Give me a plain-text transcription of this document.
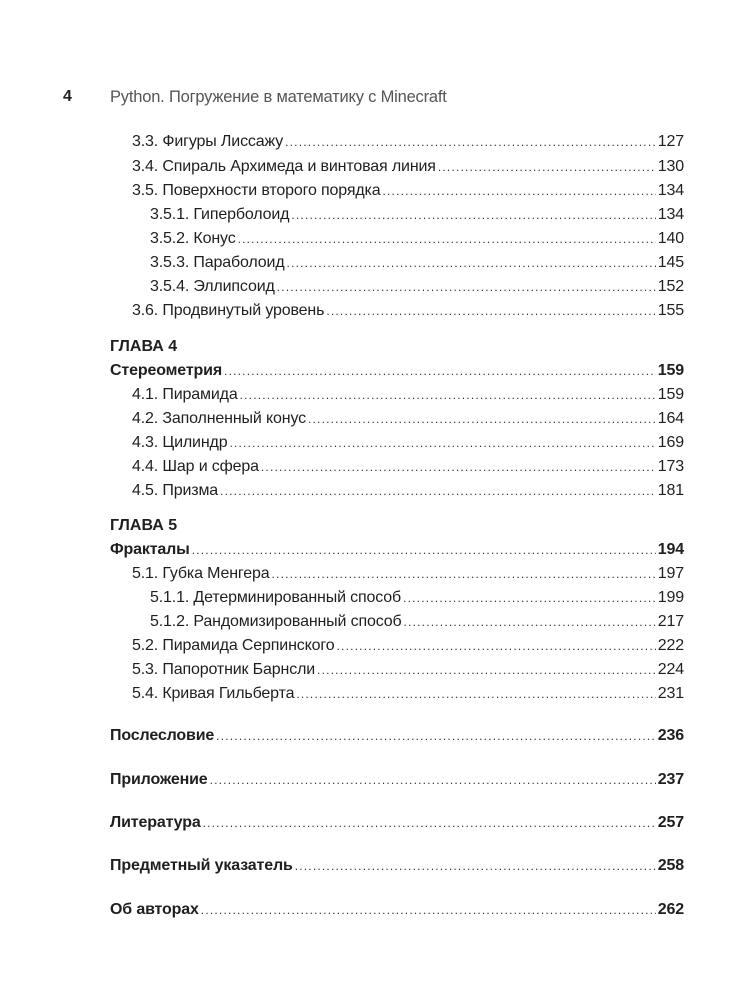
4 Python. Погружение в математику с Minecraft
3.3. Фигуры Лиссажу .....	127
3.4. Спираль Архимеда и винтовая линия .....	130
3.5. Поверхности второго порядка .....	134
3.5.1. Гиперболоид .....	134
3.5.2. Конус .....	140
3.5.3. Параболоид .....	145
3.5.4. Эллипсоид .....	152
3.6. Продвинутый уровень .....	155
ГЛАВА 4
Стереометрия .....	159
4.1. Пирамида .....	159
4.2. Заполненный конус .....	164
4.3. Цилиндр .....	169
4.4. Шар и сфера .....	173
4.5. Призма .....	181
ГЛАВА 5
Фракталы .....	194
5.1. Губка Менгера .....	197
5.1.1. Детерминированный способ .....	199
5.1.2. Рандомизированный способ .....	217
5.2. Пирамида Серпинского .....	222
5.3. Папоротник Барнсли .....	224
5.4. Кривая Гильберта .....	231
Послесловие .....	236
Приложение .....	237
Литература .....	257
Предметный указатель .....	258
Об авторах .....	262
